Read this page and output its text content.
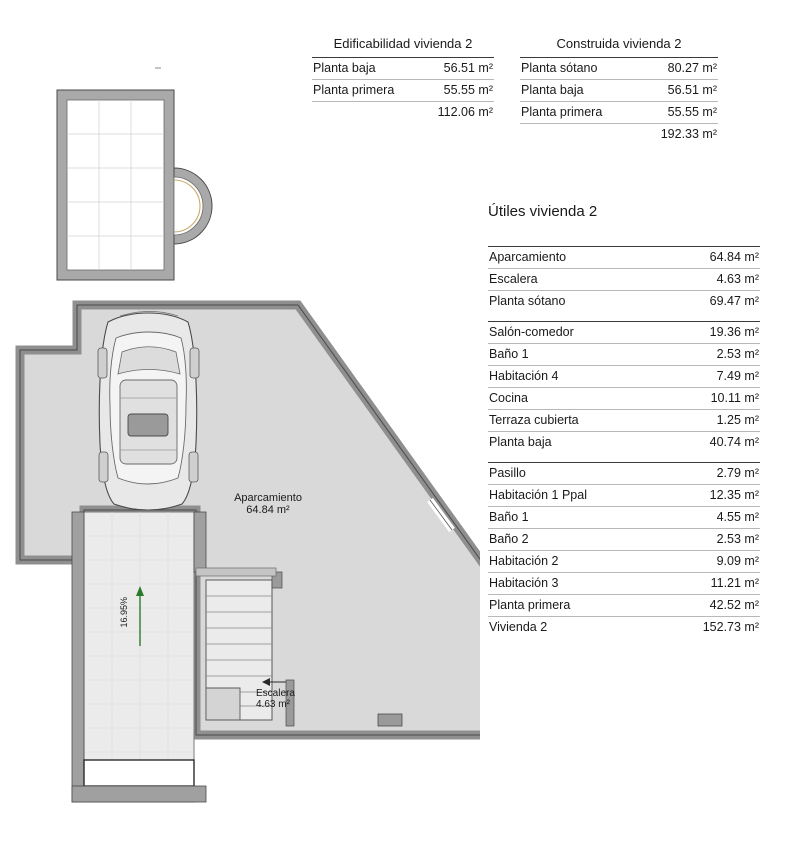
Aparcamiento
64.84 m²
Escalera
4.63 m²
16.95%
Edificabilidad vivienda 2
Planta baja	56.51 m²
Planta primera	55.55 m²
112.06 m²
Construida vivienda 2
Planta sótano	80.27 m²
Planta baja	56.51 m²
Planta primera	55.55 m²
192.33 m²
Útiles vivienda 2
Aparcamiento	64.84 m²
Escalera	4.63 m²
Planta sótano	69.47 m²
Salón-comedor	19.36 m²
Baño 1	2.53 m²
Habitación 4	7.49 m²
Cocina	10.11 m²
Terraza cubierta	1.25 m²
Planta baja	40.74 m²
Pasillo	2.79 m²
Habitación 1 Ppal	12.35 m²
Baño 1	4.55 m²
Baño 2	2.53 m²
Habitación 2	9.09 m²
Habitación 3	11.21 m²
Planta primera	42.52 m²
Vivienda 2	152.73 m²
